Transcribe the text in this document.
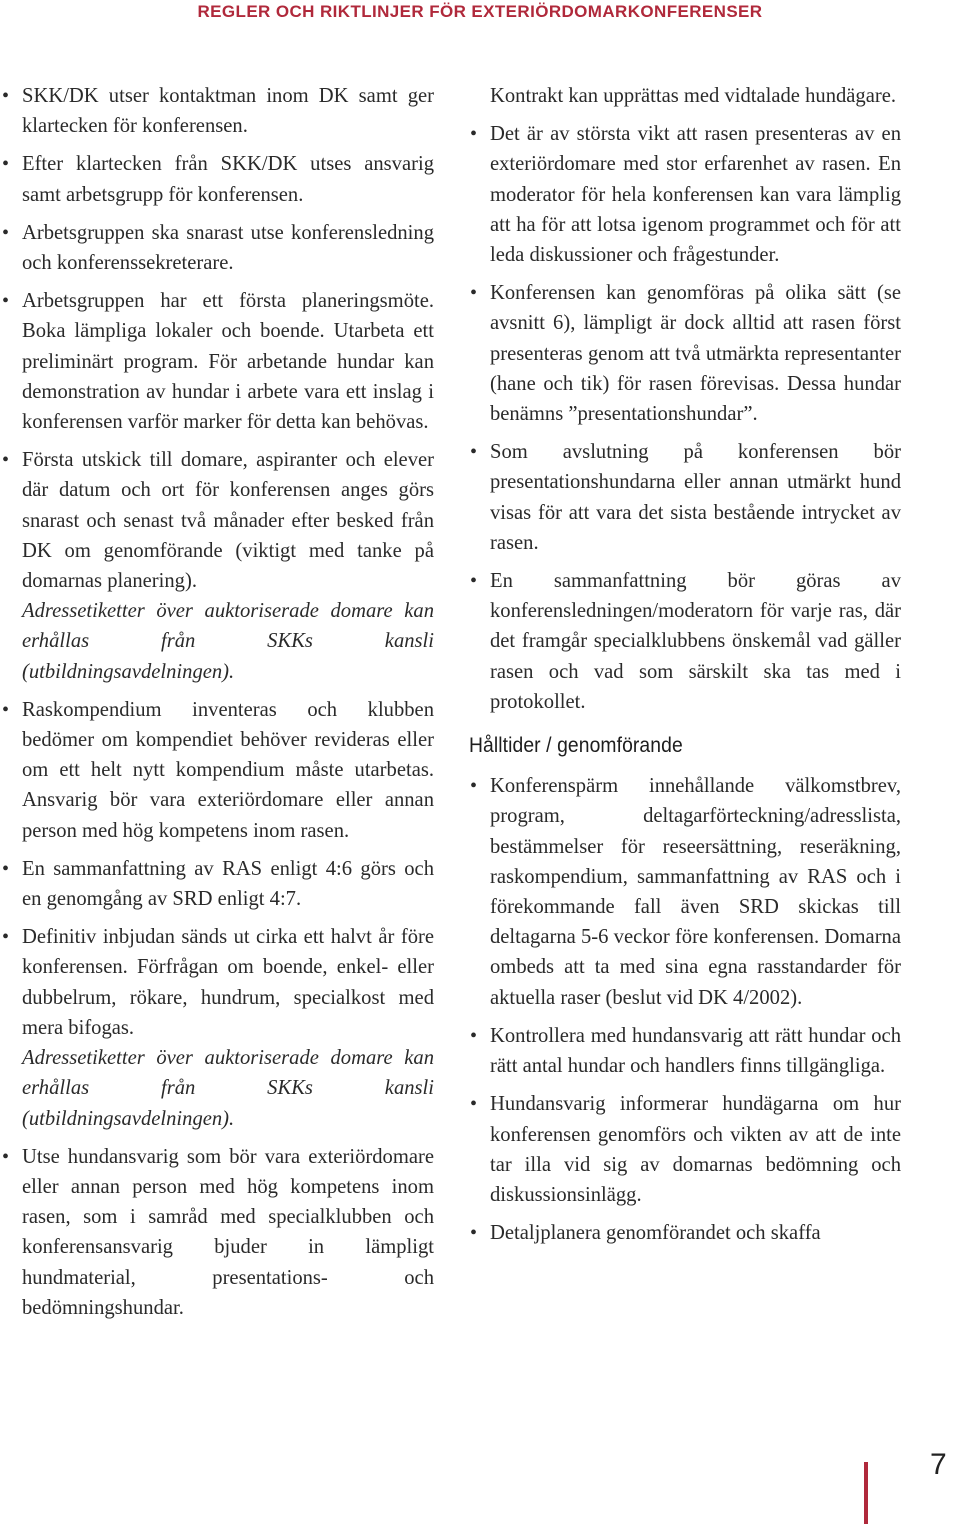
REGLER OCH RIKTLINJER FÖR EXTERIÖRDOMARKONFERENSER
• SKK/DK utser kontaktman inom DK samt ger klartecken för konferensen.
• Efter klartecken från SKK/DK utses ansvarig samt arbetsgrupp för konferensen.
• Arbetsgruppen ska snarast utse konferensledning och konferenssekreterare.
• Arbetsgruppen har ett första planeringsmöte. Boka lämpliga lokaler och boende. Utarbeta ett preliminärt program. För arbetande hundar kan demonstration av hundar i arbete vara ett inslag i konferensen varför marker för detta kan behövas.
• Första utskick till domare, aspiranter och elever där datum och ort för konferensen anges görs snarast och senast två månader efter besked från DK om genomförande (viktigt med tanke på domarnas planering).
Adressetiketter över auktoriserade domare kan erhållas från SKKs kansli (utbildningsavdelningen).
• Raskompendium inventeras och klubben bedömer om kompendiet behöver revideras eller om ett helt nytt kompendium måste utarbetas. Ansvarig bör vara exteriördomare eller annan person med hög kompetens inom rasen.
• En sammanfattning av RAS enligt 4:6 görs och en genomgång av SRD enligt 4:7.
• Definitiv inbjudan sänds ut cirka ett halvt år före konferensen. Förfrågan om boende, enkel- eller dubbelrum, rökare, hundrum, specialkost med mera bifogas.
Adressetiketter över auktoriserade domare kan erhållas från SKKs kansli (utbildningsavdelningen).
• Utse hundansvarig som bör vara exteriördomare eller annan person med hög kompetens inom rasen, som i samråd med specialklubben och konferensansvarig bjuder in lämpligt hundmaterial, presentations- och bedömningshundar.

Kontrakt kan upprättas med vidtalade hundägare.

• Det är av största vikt att rasen presenteras av en exteriördomare med stor erfarenhet av rasen. En moderator för hela konferensen kan vara lämplig att ha för att lotsa igenom programmet och för att leda diskussioner och frågestunder.
• Konferensen kan genomföras på olika sätt (se avsnitt 6), lämpligt är dock alltid att rasen först presenteras genom att två utmärkta representanter (hane och tik) för rasen förevisas. Dessa hundar benämns ”presentationshundar”.
• Som avslutning på konferensen bör presentationshundarna eller annan utmärkt hund visas för att vara det sista bestående intrycket av rasen.
• En sammanfattning bör göras av konferensledningen/moderatorn för varje ras, där det framgår specialklubbens önskemål vad gäller rasen och vad som särskilt ska tas med i protokollet.
Hålltider / genomförande
• Konferenspärm innehållande välkomstbrev, program, deltagarförteckning/adresslista, bestämmelser för reseersättning, reseräkning, raskompendium, sammanfattning av RAS och i förekommande fall även SRD skickas till deltagarna 5-6 veckor före konferensen. Domarna ombeds att ta med sina egna rasstandarder för aktuella raser (beslut vid DK 4/2002).
• Kontrollera med hundansvarig att rätt hundar och rätt antal hundar och handlers finns tillgängliga.
• Hundansvarig informerar hundägarna om hur konferensen genomförs och vikten av att de inte tar illa vid sig av domarnas bedömning och diskussionsinlägg.
• Detaljplanera genomförandet och skaffa
7
